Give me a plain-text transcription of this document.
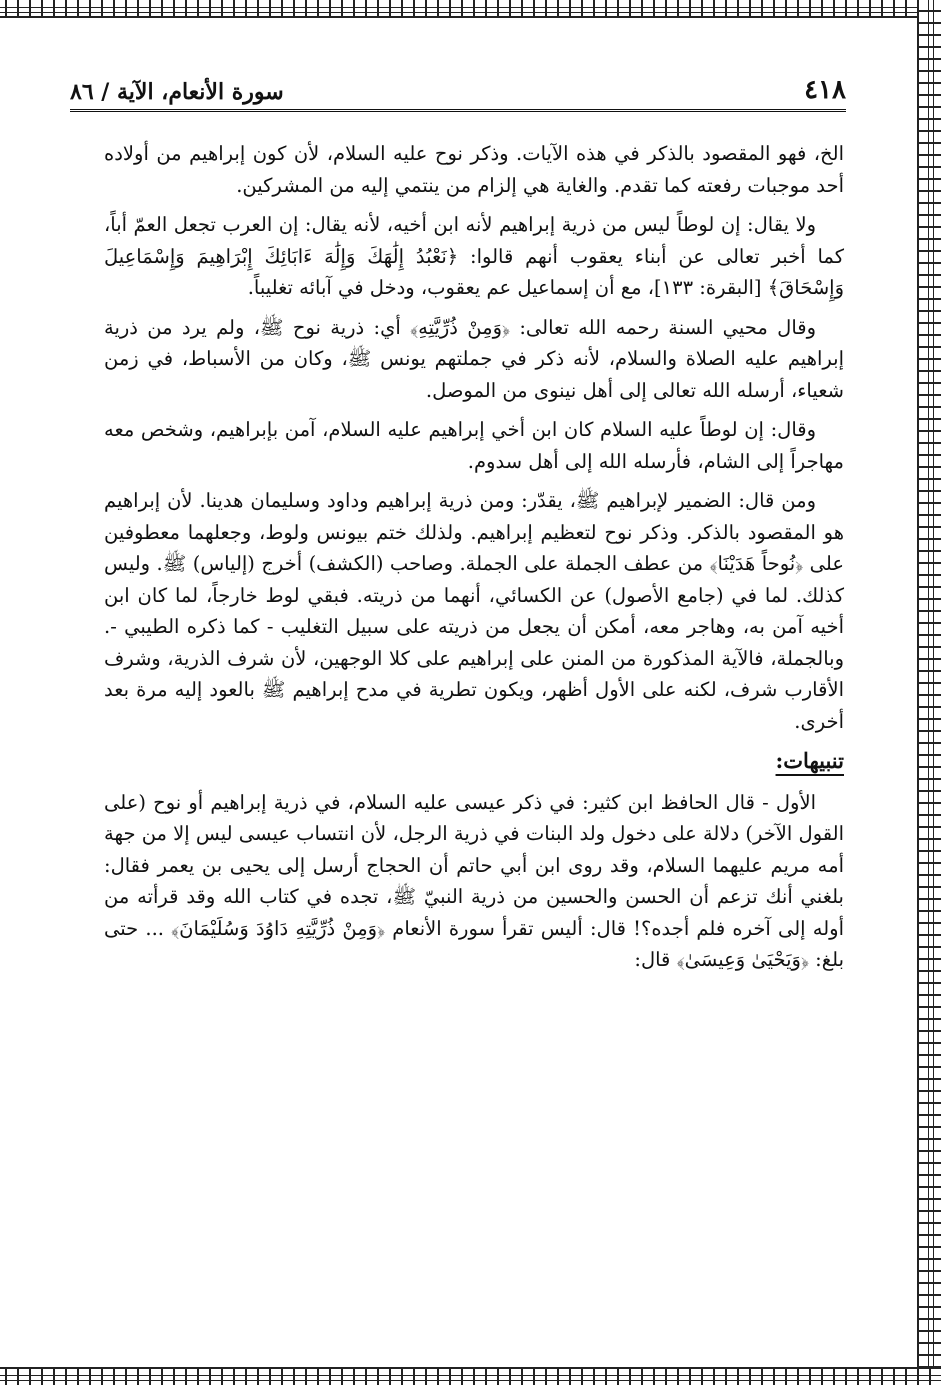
٤١٨
سورة الأنعام، الآية / ٨٦

الخ، فهو المقصود بالذكر في هذه الآيات. وذكر نوح عليه السلام، لأن كون إبراهيم من أولاده أحد موجبات رفعته كما تقدم. والغاية هي إلزام من ينتمي إليه من المشركين.

ولا يقال: إن لوطاً ليس من ذرية إبراهيم لأنه ابن أخيه، لأنه يقال: إن العرب تجعل العمّ أباً، كما أخبر تعالى عن أبناء يعقوب أنهم قالوا: ﴿نَعْبُدُ إِلَٰهَكَ وَإِلَٰهَ ءَابَائِكَ إِبْرَاهِيمَ وَإِسْمَاعِيلَ وَإِسْحَاقَ﴾ [البقرة: ١٣٣]، مع أن إسماعيل عم يعقوب، ودخل في آبائه تغليباً.

وقال محيي السنة رحمه الله تعالى: ﴿وَمِنْ ذُرِّيَّتِهِ﴾ أي: ذرية نوح ﷺ، ولم يرد من ذرية إبراهيم عليه الصلاة والسلام، لأنه ذكر في جملتهم يونس ﷺ، وكان من الأسباط، في زمن شعياء، أرسله الله تعالى إلى أهل نينوى من الموصل.

وقال: إن لوطاً عليه السلام كان ابن أخي إبراهيم عليه السلام، آمن بإبراهيم، وشخص معه مهاجراً إلى الشام، فأرسله الله إلى أهل سدوم.

ومن قال: الضمير لإبراهيم ﷺ، يقدّر: ومن ذرية إبراهيم وداود وسليمان هدينا. لأن إبراهيم هو المقصود بالذكر. وذكر نوح لتعظيم إبراهيم. ولذلك ختم بيونس ولوط، وجعلهما معطوفين على ﴿نُوحاً هَدَيْنَا﴾ من عطف الجملة على الجملة. وصاحب (الكشف) أخرج (إلياس) ﷺ. وليس كذلك. لما في (جامع الأصول) عن الكسائي، أنهما من ذريته. فبقي لوط خارجاً، لما كان ابن أخيه آمن به، وهاجر معه، أمكن أن يجعل من ذريته على سبيل التغليب - كما ذكره الطيبي -. وبالجملة، فالآية المذكورة من المنن على إبراهيم على كلا الوجهين، لأن شرف الذرية، وشرف الأقارب شرف، لكنه على الأول أظهر، ويكون تطرية في مدح إبراهيم ﷺ بالعود إليه مرة بعد أخرى.

تنبيهات:

الأول - قال الحافظ ابن كثير: في ذكر عيسى عليه السلام، في ذرية إبراهيم أو نوح (على القول الآخر) دلالة على دخول ولد البنات في ذرية الرجل، لأن انتساب عيسى ليس إلا من جهة أمه مريم عليهما السلام، وقد روى ابن أبي حاتم أن الحجاج أرسل إلى يحيى بن يعمر فقال: بلغني أنك تزعم أن الحسن والحسين من ذرية النبيّ ﷺ، تجده في كتاب الله وقد قرأته من أوله إلى آخره فلم أجده؟! قال: أليس تقرأ سورة الأنعام ﴿وَمِنْ ذُرِّيَّتِهِ دَاوُدَ وَسُلَيْمَانَ﴾ ... حتى بلغ: ﴿وَيَحْيَىٰ وَعِيسَىٰ﴾ قال:
